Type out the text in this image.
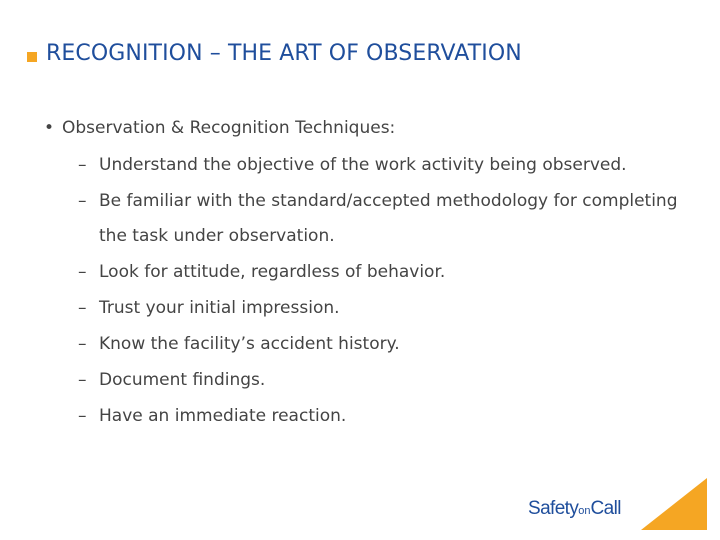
RECOGNITION – THE ART OF OBSERVATION
• Observation & Recognition Techniques:
– Understand the objective of the work activity being observed.
– Be familiar with the standard/accepted methodology for completing the task under observation.
– Look for attitude, regardless of behavior.
– Trust your initial impression.
– Know the facility’s accident history.
– Document findings.
– Have an immediate reaction.
SafetyonCall
